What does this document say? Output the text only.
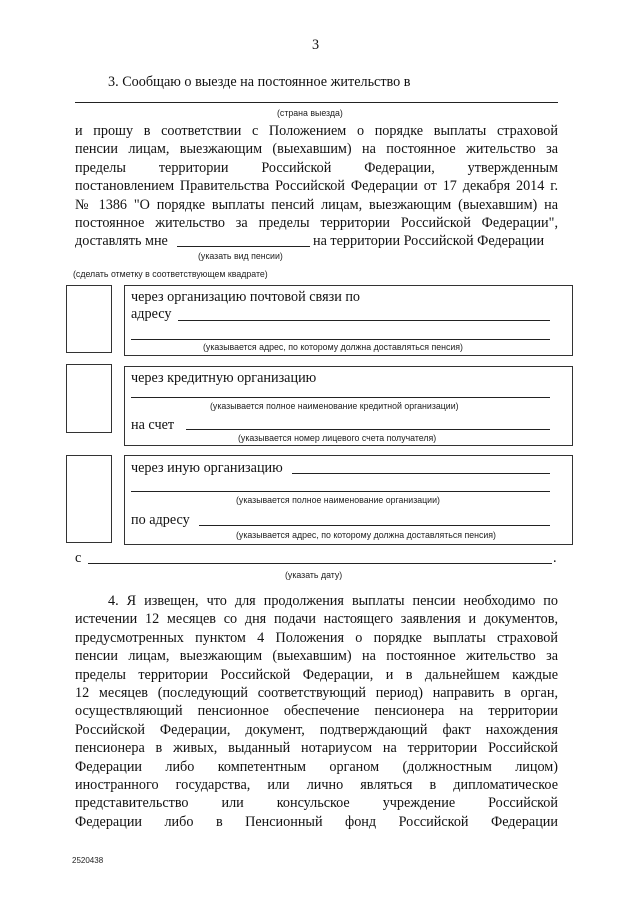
3
3. Сообщаю о выезде на постоянное жительство в
(страна выезда)
и прошу в соответствии с Положением о порядке выплаты страховой
пенсии лицам, выезжающим (выехавшим) на постоянное жительство за
пределы территории Российской Федерации, утвержденным
постановлением Правительства Российской Федерации от 17 декабря 2014 г.
№ 1386 "О порядке выплаты пенсий лицам, выезжающим (выехавшим) на
постоянное жительство за пределы территории Российской Федерации",
доставлять мне	на территории Российской Федерации
(указать вид пенсии)
(сделать отметку в соответствующем квадрате)
через организацию почтовой связи по
адресу
(указывается адрес, по которому должна доставляться пенсия)
через кредитную организацию
(указывается полное наименование кредитной организации)
на счет
(указывается номер лицевого счета получателя)
через иную организацию
(указывается полное наименование организации)
по адресу
(указывается адрес, по которому должна доставляться пенсия)
с	.
(указать дату)
4. Я извещен, что для продолжения выплаты пенсии необходимо по
истечении 12 месяцев со дня подачи настоящего заявления и документов,
предусмотренных пунктом 4 Положения о порядке выплаты страховой
пенсии лицам, выезжающим (выехавшим) на постоянное жительство за
пределы территории Российской Федерации, и в дальнейшем каждые
12 месяцев (последующий соответствующий период) направить в орган,
осуществляющий пенсионное обеспечение пенсионера на территории
Российской Федерации, документ, подтверждающий факт нахождения
пенсионера в живых, выданный нотариусом на территории Российской
Федерации либо компетентным органом (должностным лицом)
иностранного государства, или лично являться в дипломатическое
представительство или консульское учреждение Российской
Федерации либо в Пенсионный фонд Российской Федерации
2520438
